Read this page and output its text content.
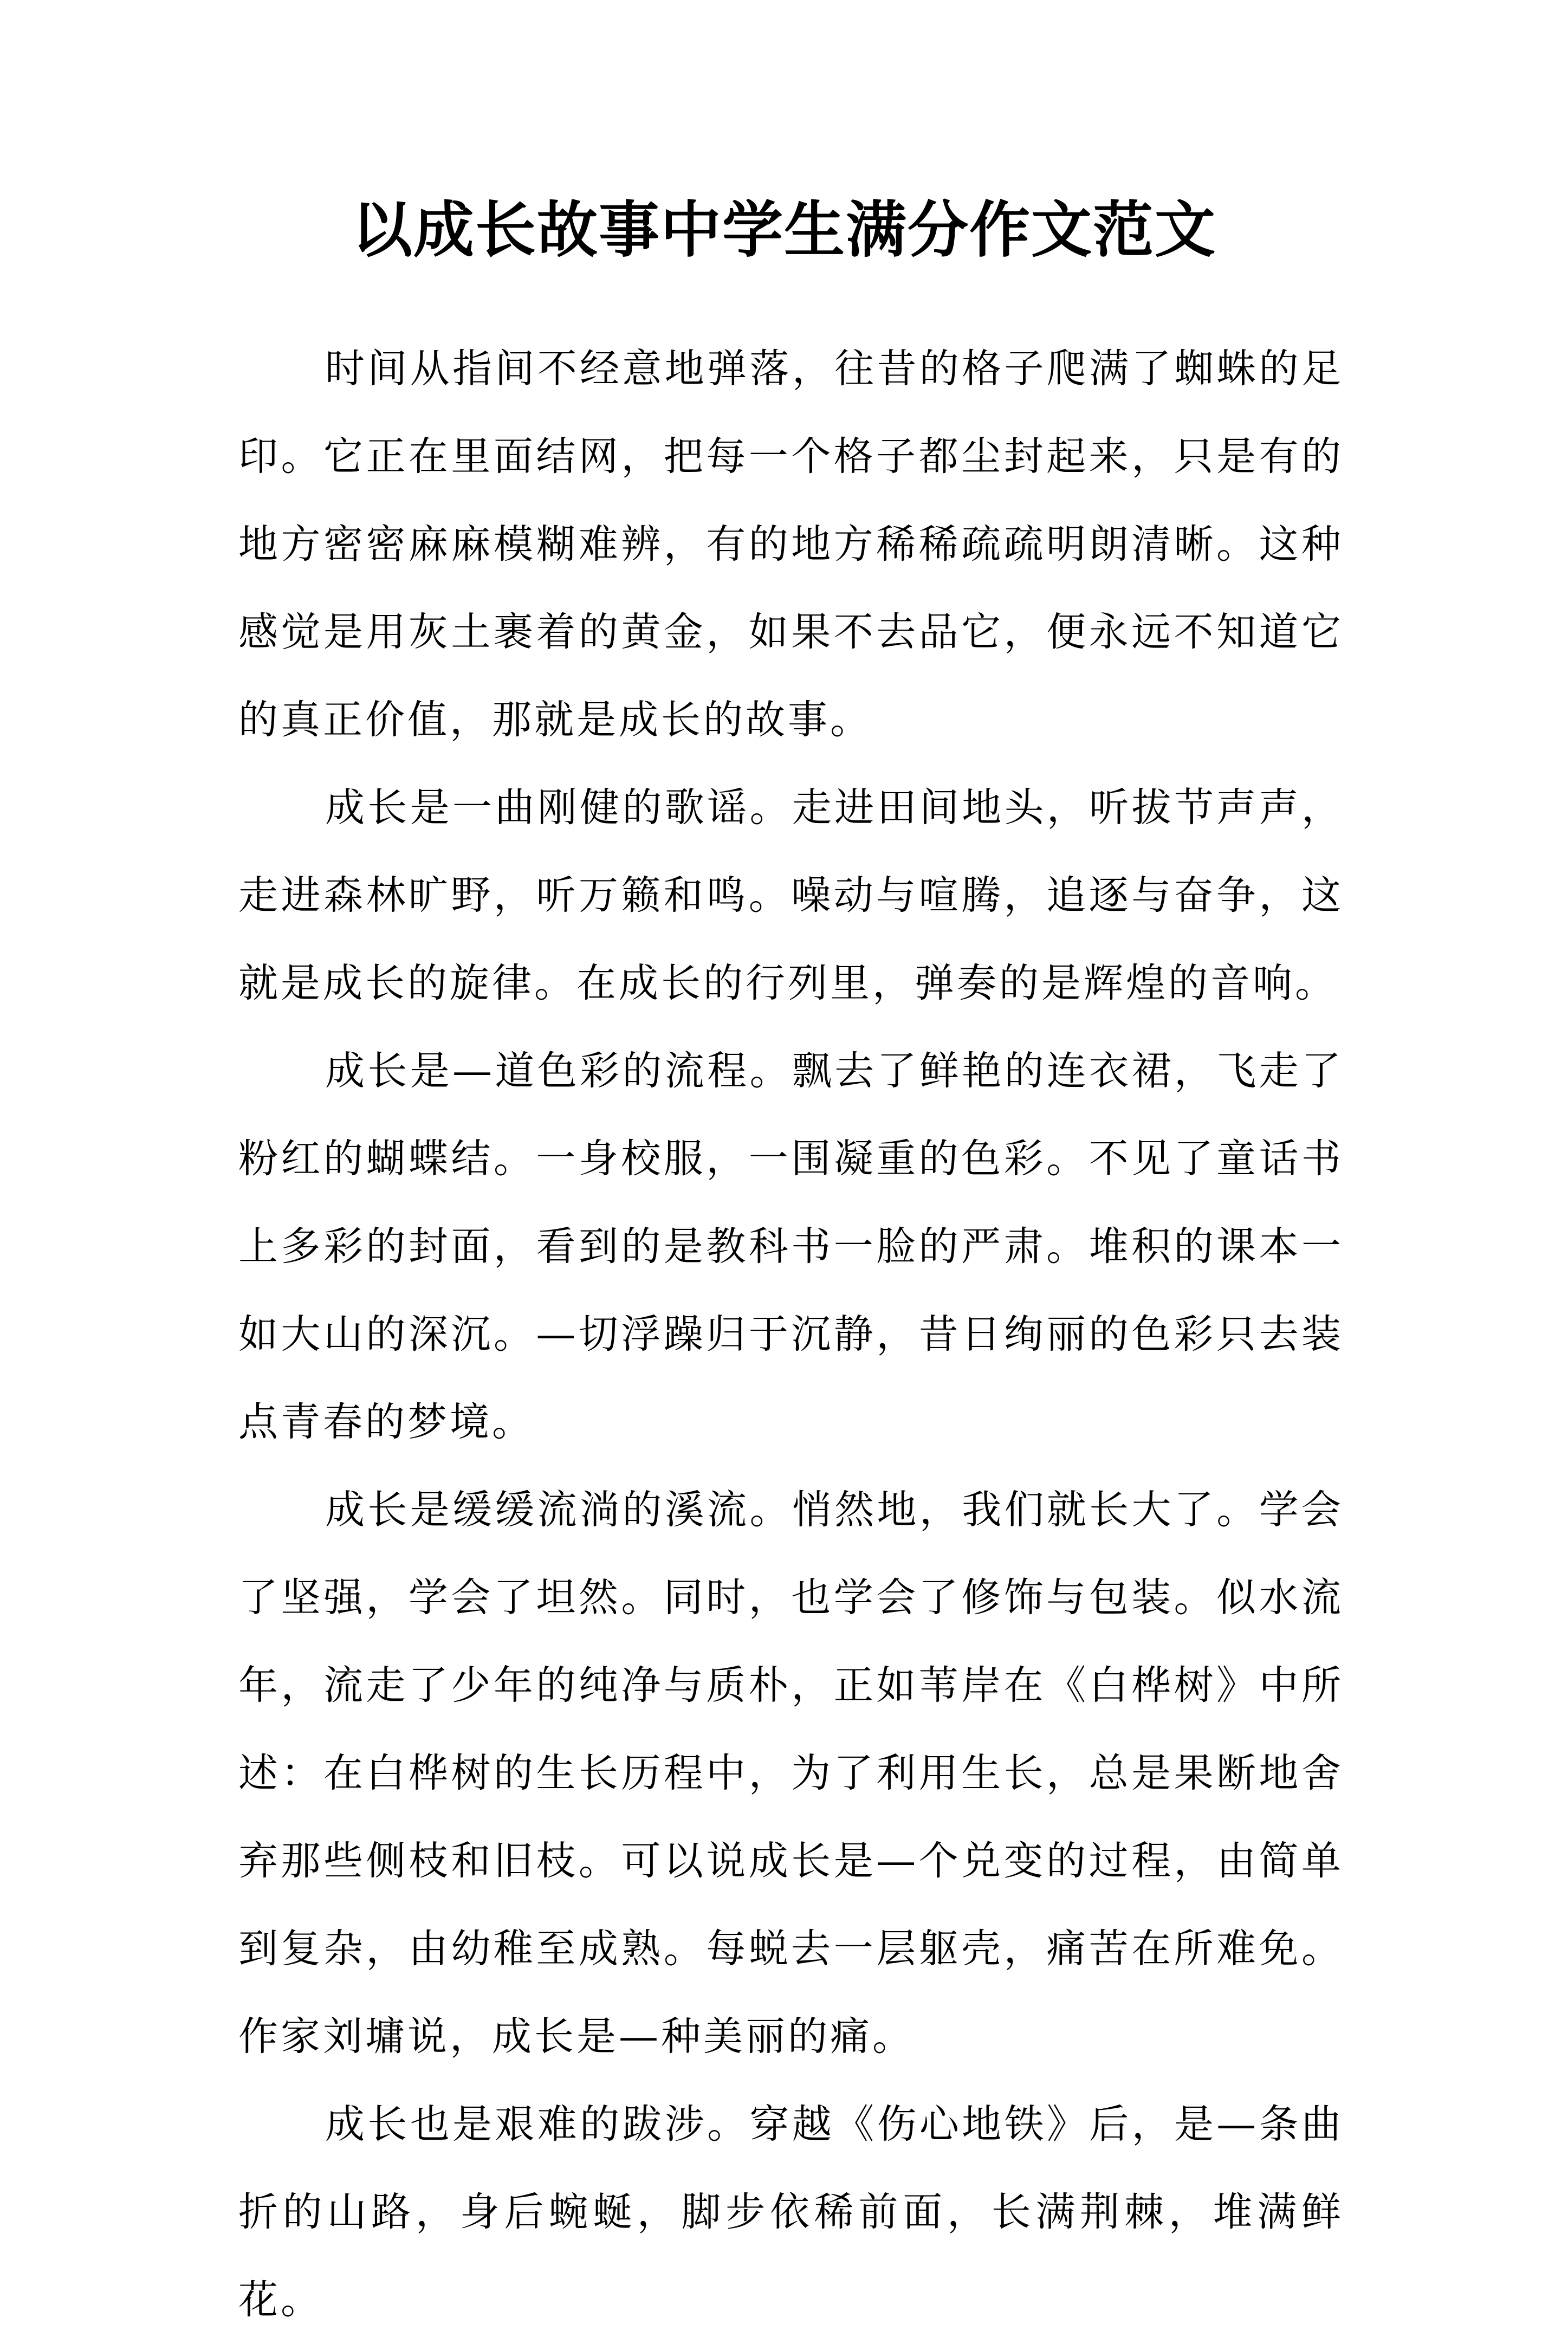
以成长故事中学生满分作文范文

时间从指间不经意地弹落，往昔的格子爬满了蜘蛛的足印。它正在里面结网，把每一个格子都尘封起来，只是有的地方密密麻麻模糊难辨，有的地方稀稀疏疏明朗清晰。这种感觉是用灰土裹着的黄金，如果不去品它，便永远不知道它的真正价值，那就是成长的故事。

成长是一曲刚健的歌谣。走进田间地头，听拔节声声，走进森林旷野，听万籁和鸣。噪动与喧腾，追逐与奋争，这就是成长的旋律。在成长的行列里，弹奏的是辉煌的音响。

成长是—道色彩的流程。飘去了鲜艳的连衣裙，飞走了粉红的蝴蝶结。一身校服，一围凝重的色彩。不见了童话书上多彩的封面，看到的是教科书一脸的严肃。堆积的课本一如大山的深沉。—切浮躁归于沉静，昔日绚丽的色彩只去装点青春的梦境。

成长是缓缓流淌的溪流。悄然地，我们就长大了。学会了坚强，学会了坦然。同时，也学会了修饰与包装。似水流年，流走了少年的纯净与质朴，正如苇岸在《白桦树》中所述：在白桦树的生长历程中，为了利用生长，总是果断地舍弃那些侧枝和旧枝。可以说成长是—个兑变的过程，由简单到复杂，由幼稚至成熟。每蜕去一层躯壳，痛苦在所难免。作家刘墉说，成长是—种美丽的痛。

成长也是艰难的跋涉。穿越《伤心地铁》后，是—条曲折的山路，身后蜿蜒，脚步依稀前面，长满荆棘，堆满鲜花。
